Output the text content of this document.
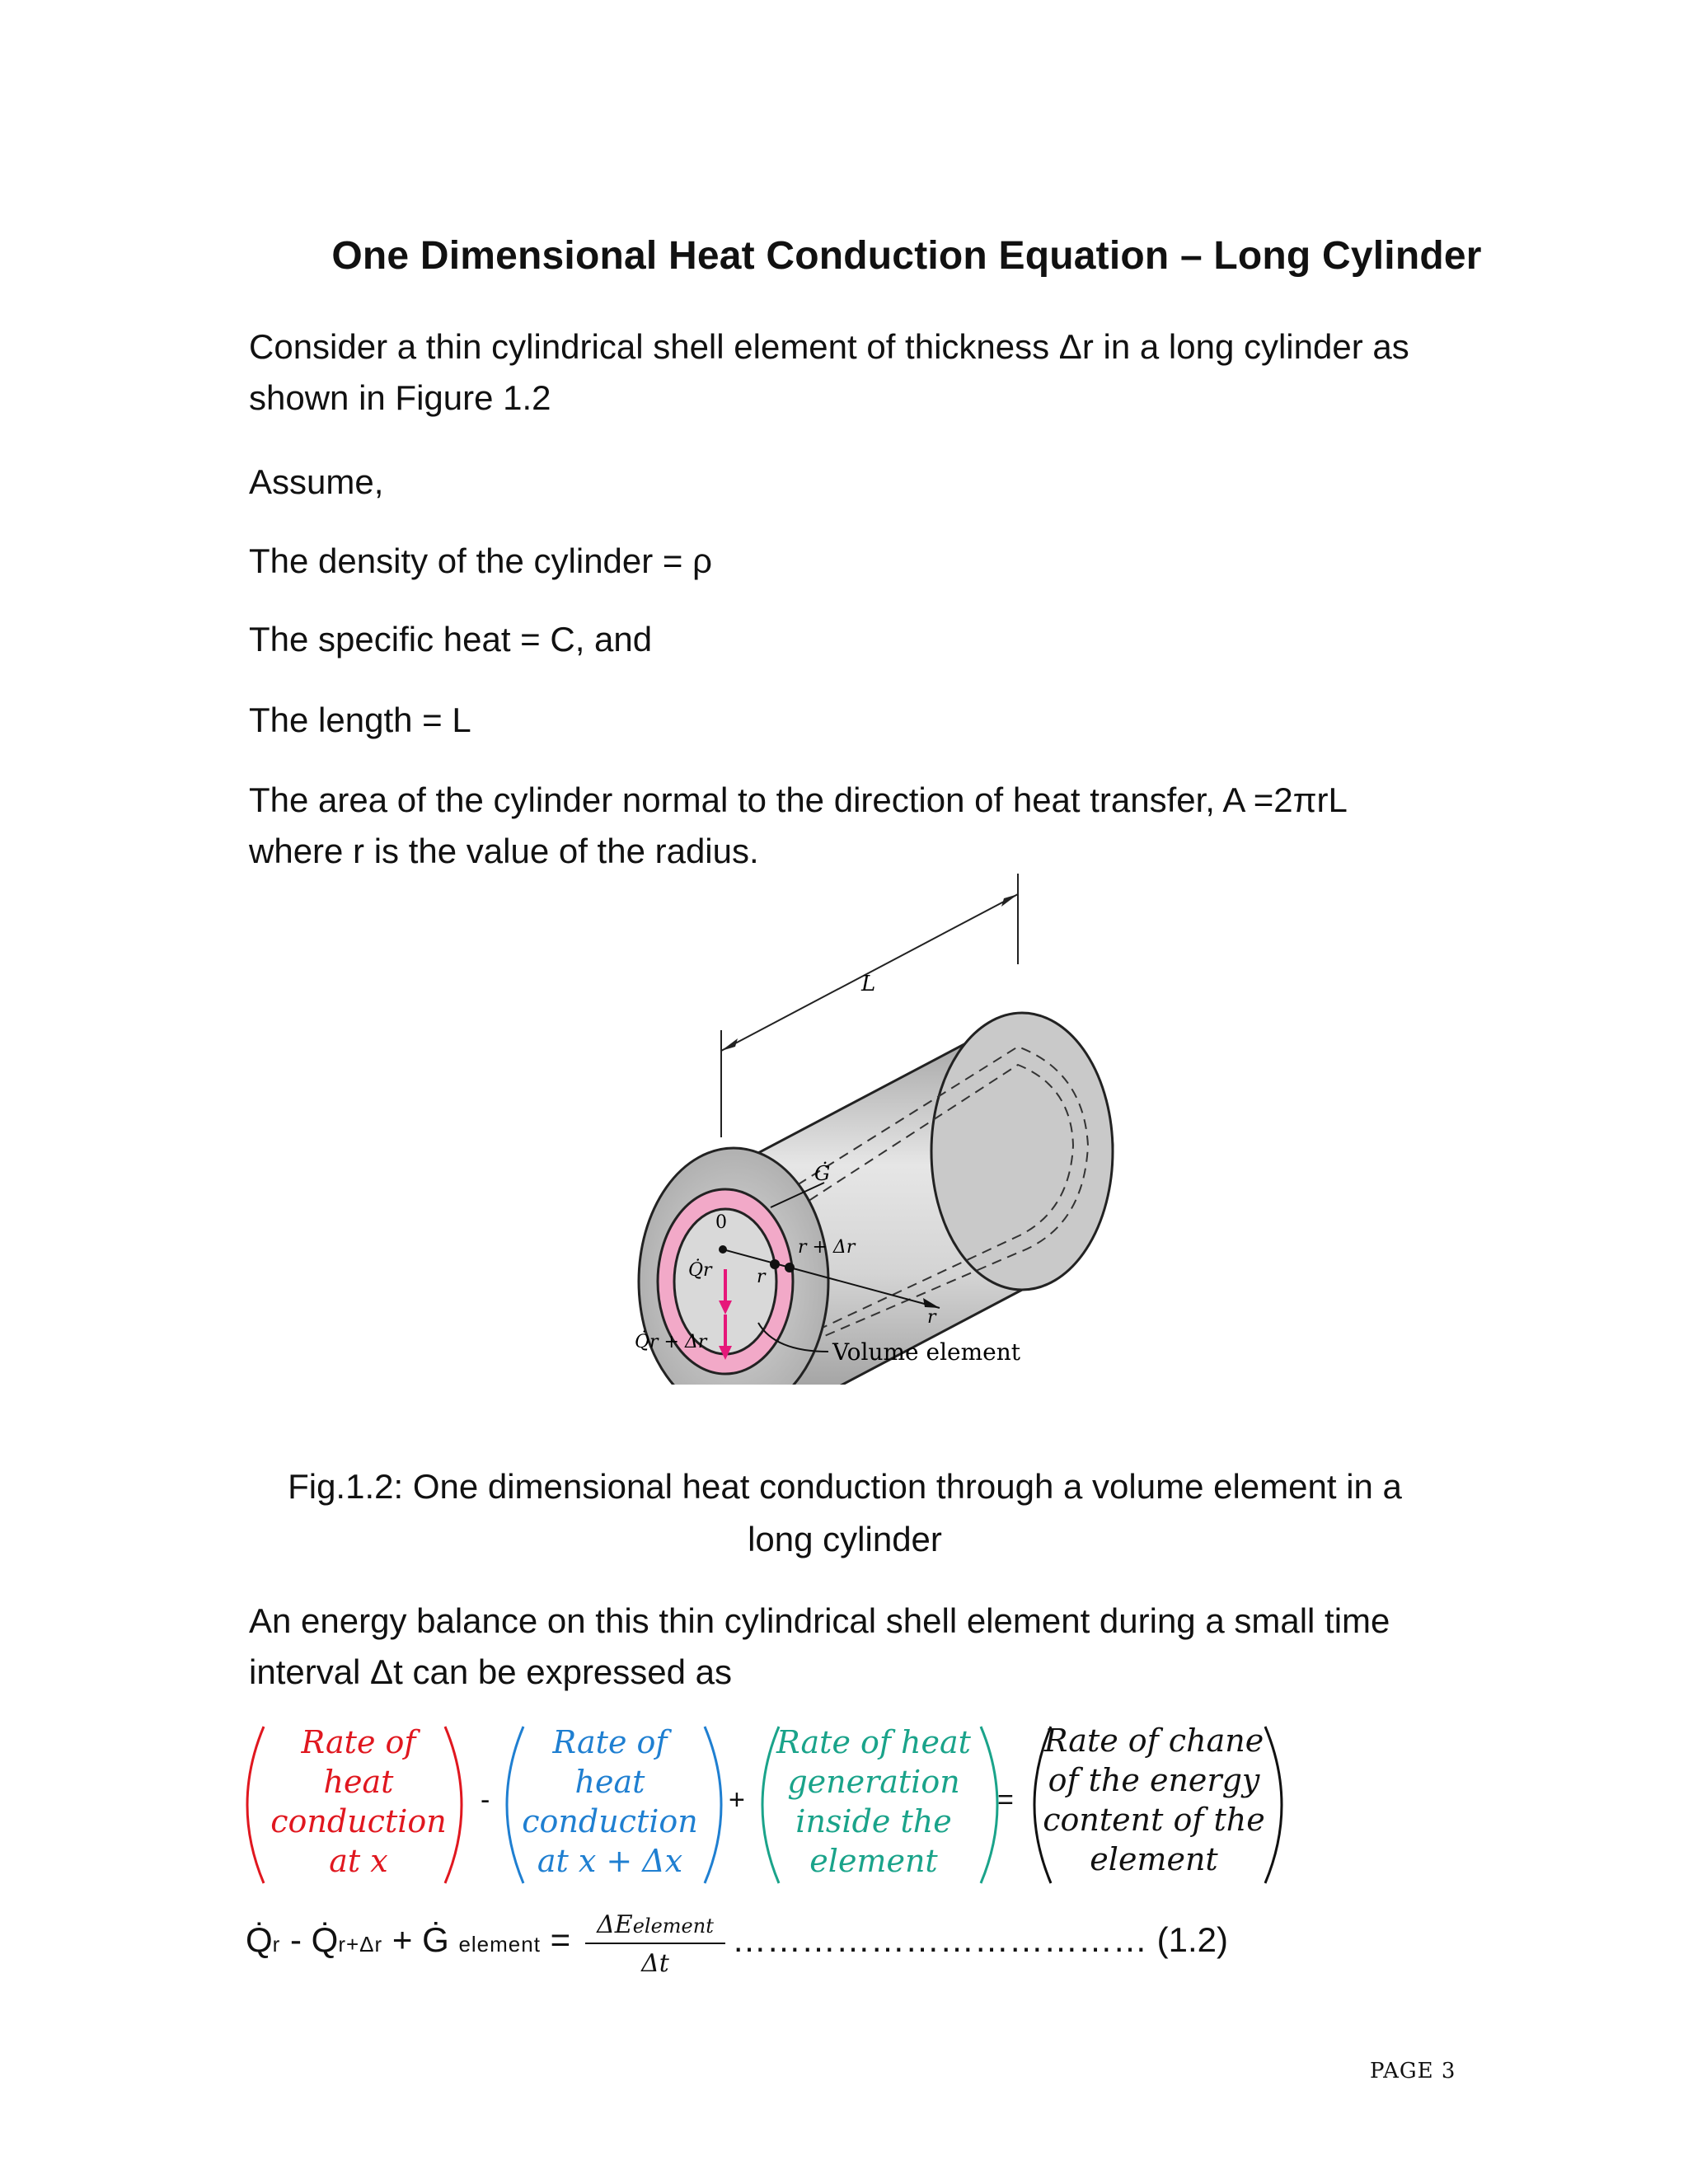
One Dimensional Heat Conduction Equation – Long Cylinder
Consider a thin cylindrical shell element of thickness Δr in a long cylinder as
shown in Figure 1.2
Assume,
The density of the cylinder = ρ
The specific heat = C, and
The length = L
The area of the cylinder normal to the direction of heat transfer, A =2πrL
where r is the value of the radius.
L
Ġ
0
Q̇r r
r + Δr
r
Q̇r + Δr	Volume element
Fig.1.2: One dimensional heat conduction through a volume element in a
long cylinder
An energy balance on this thin cylindrical shell element during a small time
interval Δt can be expressed as
Rate of
heat
conduction
at x
-
Rate of
heat
conduction
at x + Δx
+
Rate of heat
generation
inside the
element
=
Rate of chane
of the energy
content of the
element
Q̇r - Q̇r+Δr + Ġ element =	ΔEelement
Δt
……………………………… (1.2)
PAGE 3
